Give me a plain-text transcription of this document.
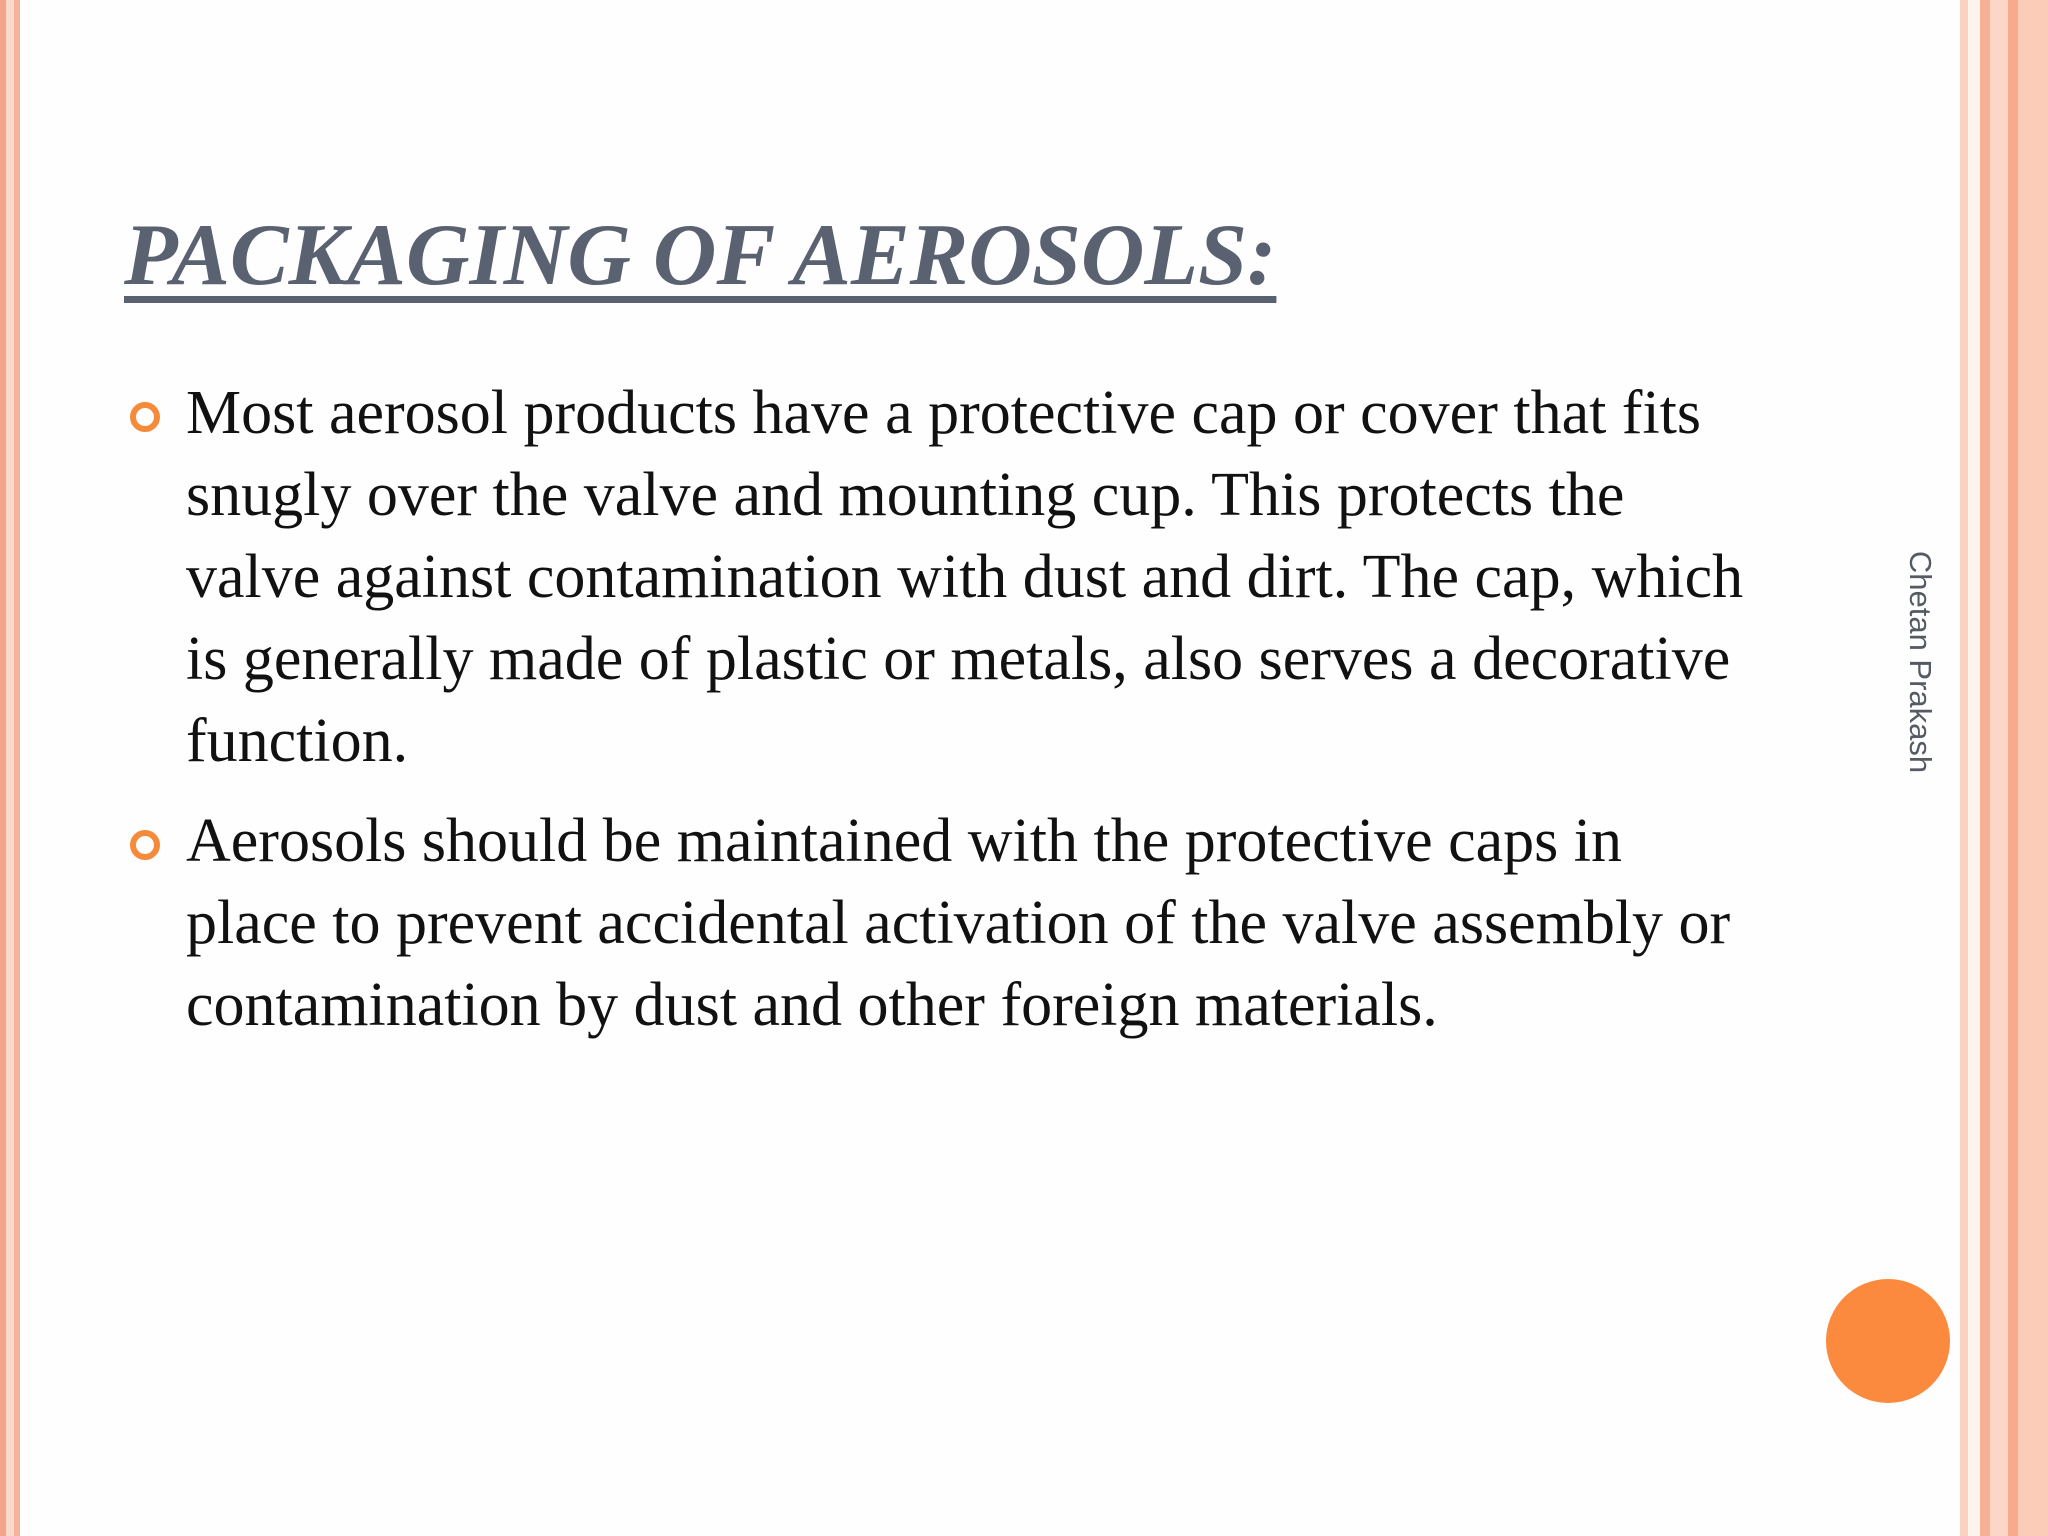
PACKAGING OF AEROSOLS:
Most aerosol products have a protective cap or cover that fits snugly over the valve and mounting cup. This protects the valve against contamination with dust and dirt. The cap, which is generally made of plastic or metals, also serves a decorative function.
Aerosols should be maintained with the protective caps in place to prevent accidental activation of the valve assembly or contamination by dust and other foreign materials.
Chetan Prakash
